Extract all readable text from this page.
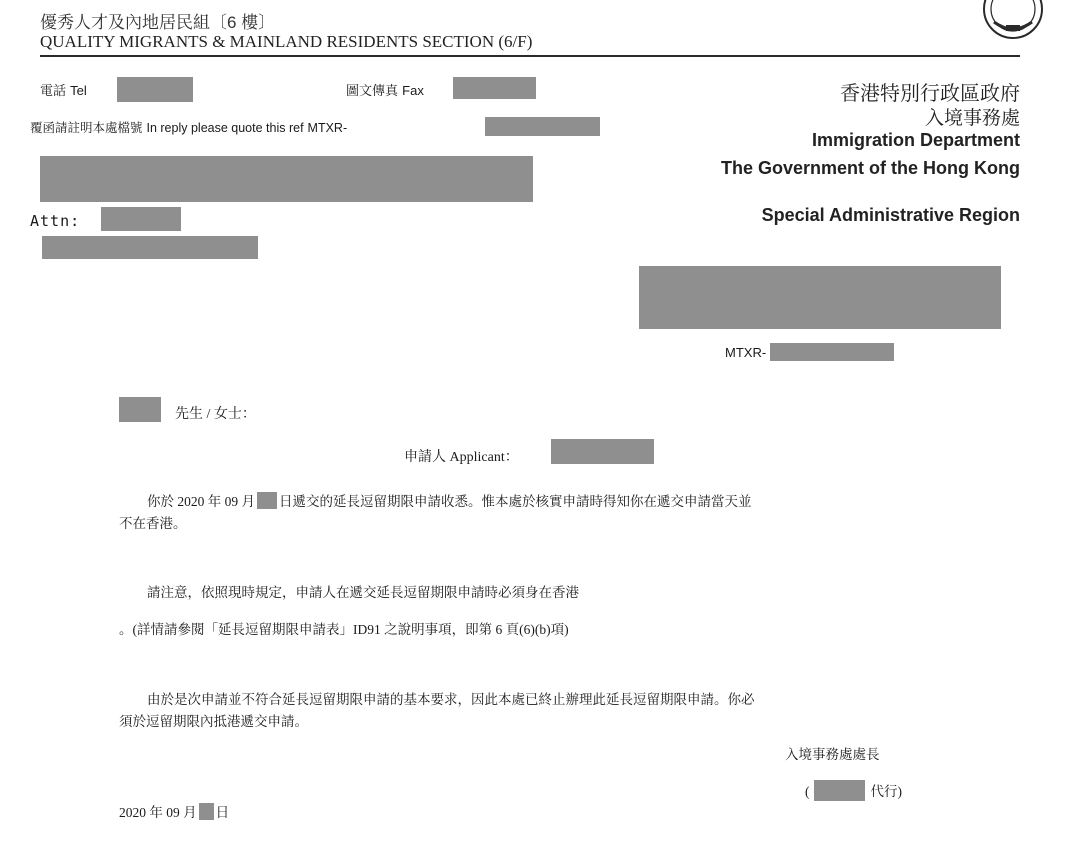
優秀人才及內地居民組〔6 樓〕
QUALITY MIGRANTS & MAINLAND RESIDENTS SECTION (6/F)
電話 Tel	圖文傳真 Fax
覆函請註明本處檔號 In reply please quote this ref MTXR-
香港特別行政區政府
入境事務處
Immigration Department
The Government of the Hong Kong
Special Administrative Region
Attn:
MTXR-
先生 / 女士：
申請人 Applicant：
你於 2020 年 09 月 日遞交的延長逗留期限申請收悉。惟本處於核實申請時得知你在遞交申請當天並
不在香港。
請注意，依照現時規定，申請人在遞交延長逗留期限申請時必須身在香港
。(詳情請參閱「延長逗留期限申請表」ID91 之說明事項，即第 6 頁(6)(b)項)
由於是次申請並不符合延長逗留期限申請的基本要求，因此本處已終止辦理此延長逗留期限申請。你必
須於逗留期限內抵港遞交申請。
入境事務處處長
(	代行)
2020 年 09 月 日
